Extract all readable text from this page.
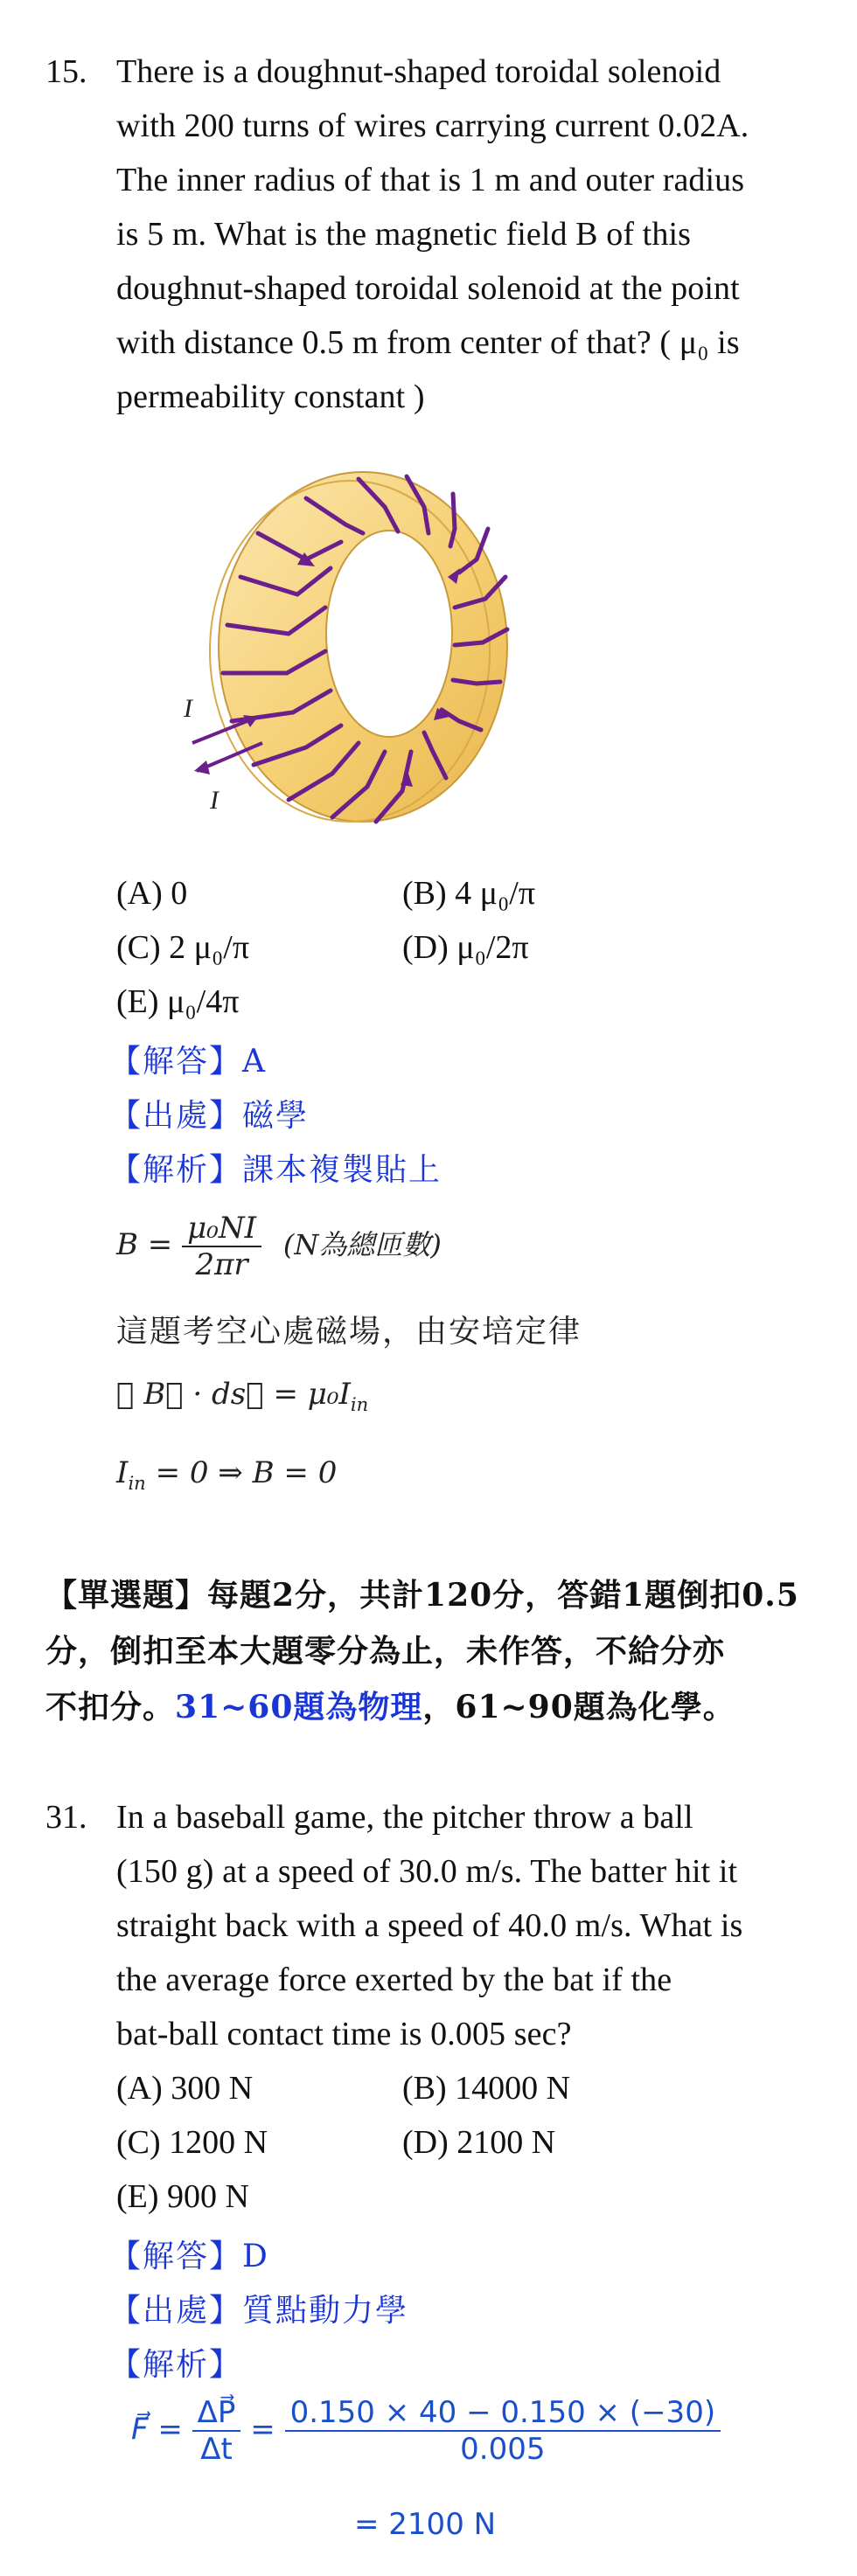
15. There is a doughnut-shaped toroidal solenoid
with 200 turns of wires carrying current 0.02A.
The inner radius of that is 1 m and outer radius
is 5 m. What is the magnetic field B of this
doughnut-shaped toroidal solenoid at the point
with distance 0.5 m from center of that? ( μ₀ is
permeability constant )
I
I
(A) 0	(B) 4 μ₀/π
(C) 2 μ₀/π	(D) μ₀/2π
(E) μ₀/4π
【解答】A
【出處】磁學
【解析】課本複製貼上
$B = \frac{\text{μ₀NI}}{2\pi r} (N$為總匝數)
這題考空心處磁場，由安培定律
∮ B⃗ · ds⃗ = $\mu_0I_{in}$
$I_{in} = 0$ ⇒ B = 0
【單選題】每題2分，共計120分，答錯1題倒扣0.5
分，倒扣至本大題零分為止，未作答，不給分亦
不扣分。31~60題為物理，61~90題為化學。
31. In a baseball game, the pitcher throw a ball
(150 g) at a speed of 30.0 m/s. The batter hit it
straight back with a speed of 40.0 m/s. What is
the average force exerted by the bat if the
bat-ball contact time is 0.005 sec?
(A) 300 N	(B) 14000 N
(C) 1200 N	(D) 2100 N
(E) 900 N
【解答】D
【出處】質點動力學
【解析】
F⃗ = $\frac{\Delta P⃗}{\Delta t} = \frac{0.150 \times 40 - 0.150 \times (-30)}{0.005}$
= 2100 N
